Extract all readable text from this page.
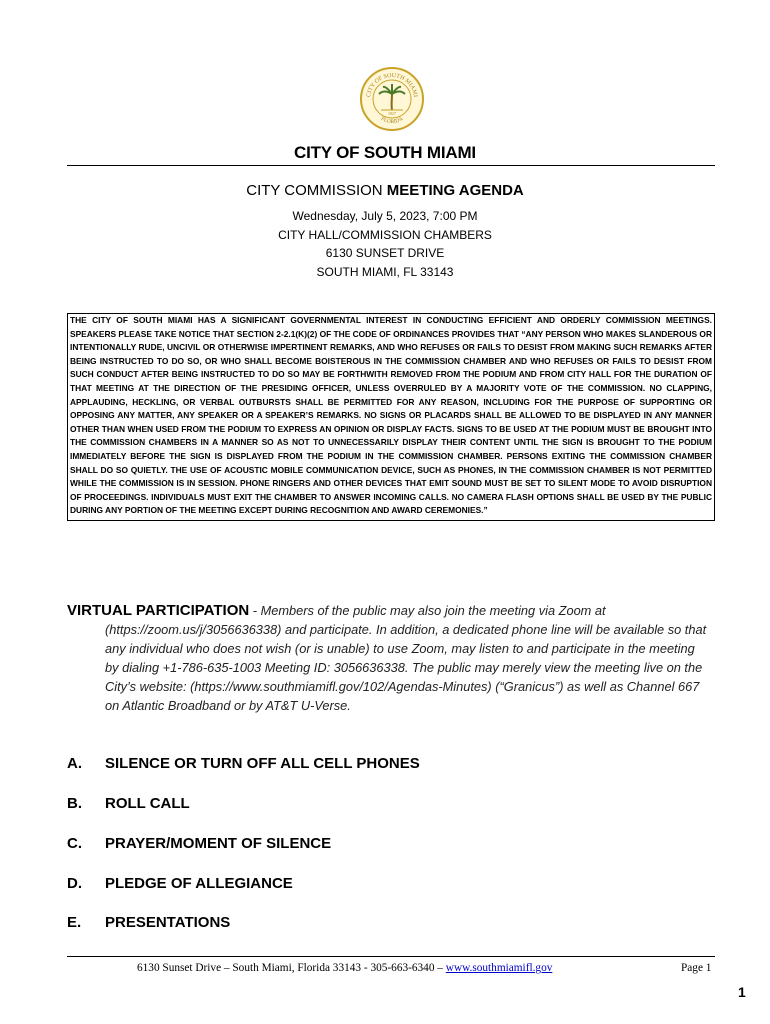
CITY OF SOUTH MIAMI
FLORIDA
1927
CITY OF SOUTH MIAMI
CITY COMMISSION MEETING AGENDA
Wednesday, July 5, 2023, 7:00 PM
CITY HALL/COMMISSION CHAMBERS
6130 SUNSET DRIVE
SOUTH MIAMI, FL 33143
THE CITY OF SOUTH MIAMI HAS A SIGNIFICANT GOVERNMENTAL INTEREST IN CONDUCTING EFFICIENT AND ORDERLY COMMISSION MEETINGS. SPEAKERS PLEASE TAKE NOTICE THAT SECTION 2-2.1(K)(2) OF THE CODE OF ORDINANCES PROVIDES THAT “ANY PERSON WHO MAKES SLANDEROUS OR INTENTIONALLY RUDE, UNCIVIL OR OTHERWISE IMPERTINENT REMARKS, AND WHO REFUSES OR FAILS TO DESIST FROM MAKING SUCH REMARKS AFTER BEING INSTRUCTED TO DO SO, OR WHO SHALL BECOME BOISTEROUS IN THE COMMISSION CHAMBER AND WHO REFUSES OR FAILS TO DESIST FROM SUCH CONDUCT AFTER BEING INSTRUCTED TO DO SO MAY BE FORTHWITH REMOVED FROM THE PODIUM AND FROM CITY HALL FOR THE DURATION OF THAT MEETING AT THE DIRECTION OF THE PRESIDING OFFICER, UNLESS OVERRULED BY A MAJORITY VOTE OF THE COMMISSION. NO CLAPPING, APPLAUDING, HECKLING, OR VERBAL OUTBURSTS SHALL BE PERMITTED FOR ANY REASON, INCLUDING FOR THE PURPOSE OF SUPPORTING OR OPPOSING ANY MATTER, ANY SPEAKER OR A SPEAKER’S REMARKS. NO SIGNS OR PLACARDS SHALL BE ALLOWED TO BE DISPLAYED IN ANY MANNER OTHER THAN WHEN USED FROM THE PODIUM TO EXPRESS AN OPINION OR DISPLAY FACTS. SIGNS TO BE USED AT THE PODIUM MUST BE BROUGHT INTO THE COMMISSION CHAMBERS IN A MANNER SO AS NOT TO UNNECESSARILY DISPLAY THEIR CONTENT UNTIL THE SIGN IS BROUGHT TO THE PODIUM IMMEDIATELY BEFORE THE SIGN IS DISPLAYED FROM THE PODIUM IN THE COMMISSION CHAMBER. PERSONS EXITING THE COMMISSION CHAMBER SHALL DO SO QUIETLY. THE USE OF ACOUSTIC MOBILE COMMUNICATION DEVICE, SUCH AS PHONES, IN THE COMMISSION CHAMBER IS NOT PERMITTED WHILE THE COMMISSION IS IN SESSION. PHONE RINGERS AND OTHER DEVICES THAT EMIT SOUND MUST BE SET TO SILENT MODE TO AVOID DISRUPTION OF PROCEEDINGS. INDIVIDUALS MUST EXIT THE CHAMBER TO ANSWER INCOMING CALLS. NO CAMERA FLASH OPTIONS SHALL BE USED BY THE PUBLIC DURING ANY PORTION OF THE MEETING EXCEPT DURING RECOGNITION AND AWARD CEREMONIES.”
VIRTUAL PARTICIPATION - Members of the public may also join the meeting via Zoom at
(https://zoom.us/j/3056636338) and participate. In addition, a dedicated phone line will be available so that any individual who does not wish (or is unable) to use Zoom, may listen to and participate in the meeting by dialing +1-786-635-1003 Meeting ID: 3056636338. The public may merely view the meeting live on the City’s website: (https://www.southmiamifl.gov/102/Agendas-Minutes) (“Granicus”) as well as Channel 667 on Atlantic Broadband or by AT&T U-Verse.
A. SILENCE OR TURN OFF ALL CELL PHONES
B. ROLL CALL
C. PRAYER/MOMENT OF SILENCE
D. PLEDGE OF ALLEGIANCE
E. PRESENTATIONS
6130 Sunset Drive – South Miami, Florida 33143 - 305-663-6340 – www.southmiamifl.gov	Page 1
1
